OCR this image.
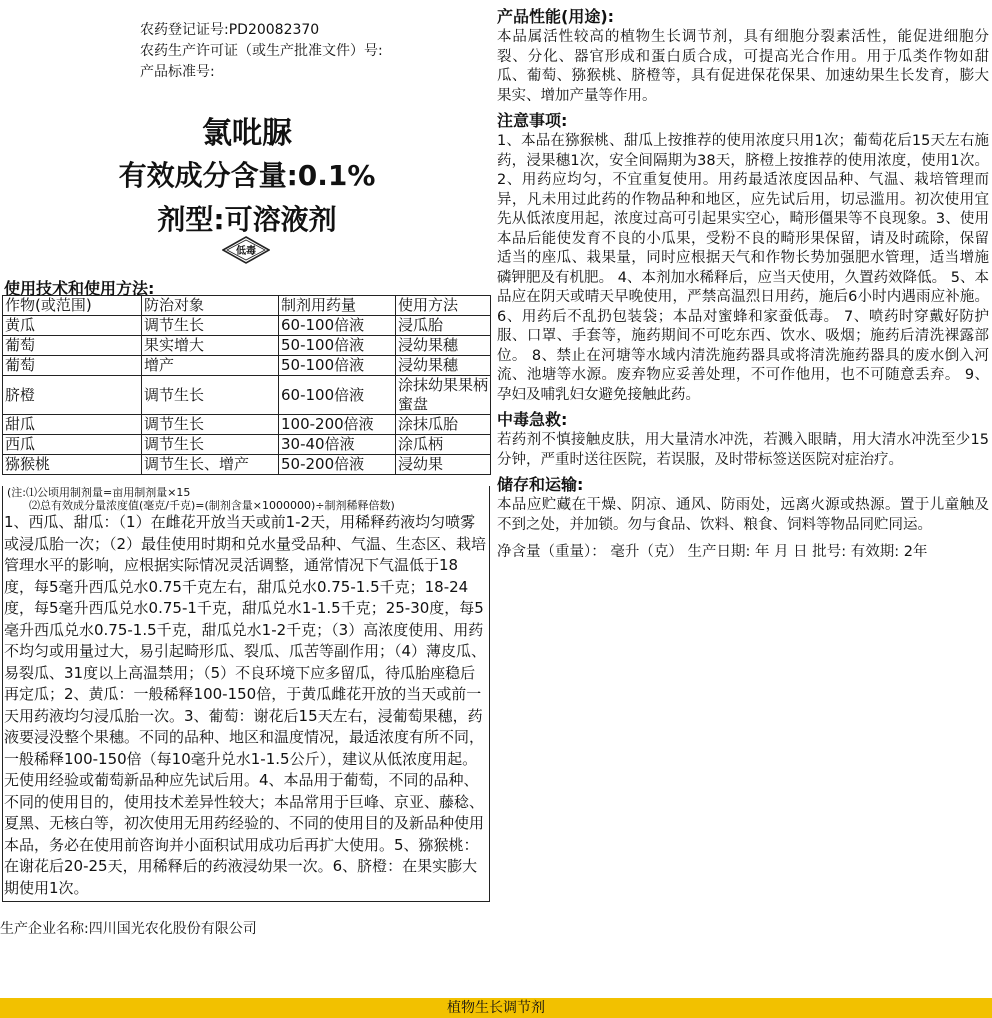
农药登记证号:PD20082370
农药生产许可证（或生产批准文件）号:
产品标准号:
氯吡脲
有效成分含量:0.1%
剂型:可溶液剂
低毒
使用技术和使用方法:
作物(或范围)	防治对象	制剂用药量	使用方法
黄瓜	调节生长	60-100倍液	浸瓜胎
葡萄	果实增大	50-100倍液	浸幼果穗
葡萄	增产	50-100倍液	浸幼果穗
脐橙	调节生长	60-100倍液	涂抹幼果果柄蜜盘
甜瓜	调节生长	100-200倍液	涂抹瓜胎
西瓜	调节生长	30-40倍液	涂瓜柄
猕猴桃	调节生长、增产	50-200倍液	浸幼果
(注:⑴公顷用制剂量=亩用制剂量×15
⑵总有效成分量浓度值(毫克/千克)=(制剂含量×1000000)÷制剂稀释倍数)
1、西瓜、甜瓜：（1）在雌花开放当天或前1-2天，用稀释药液均匀喷雾或浸瓜胎一次；（2）最佳使用时期和兑水量受品种、气温、生态区、栽培管理水平的影响，应根据实际情况灵活调整，通常情况下气温低于18度，每5毫升西瓜兑水0.75千克左右，甜瓜兑水0.75-1.5千克；18-24度，每5毫升西瓜兑水0.75-1千克，甜瓜兑水1-1.5千克；25-30度，每5毫升西瓜兑水0.75-1.5千克，甜瓜兑水1-2千克；（3）高浓度使用、用药不均匀或用量过大，易引起畸形瓜、裂瓜、瓜苦等副作用；（4）薄皮瓜、易裂瓜、31度以上高温禁用；（5）不良环境下应多留瓜，待瓜胎座稳后再定瓜；2、黄瓜：一般稀释100-150倍，于黄瓜雌花开放的当天或前一天用药液均匀浸瓜胎一次。3、葡萄：谢花后15天左右，浸葡萄果穗，药液要浸没整个果穗。不同的品种、地区和温度情况，最适浓度有所不同，一般稀释100-150倍（每10毫升兑水1-1.5公斤），建议从低浓度用起。无使用经验或葡萄新品种应先试后用。4、本品用于葡萄，不同的品种、不同的使用目的，使用技术差异性较大；本品常用于巨峰、京亚、藤稔、夏黑、无核白等，初次使用无用药经验的、不同的使用目的及新品种使用本品，务必在使用前咨询并小面积试用成功后再扩大使用。5、猕猴桃：在谢花后20-25天，用稀释后的药液浸幼果一次。6、脐橙：在果实膨大期使用1次。
生产企业名称:四川国光农化股份有限公司
产品性能(用途):

本品属活性较高的植物生长调节剂，具有细胞分裂素活性，能促进细胞分裂、分化、器官形成和蛋白质合成，可提高光合作用。用于瓜类作物如甜瓜、葡萄、猕猴桃、脐橙等，具有促进保花保果、加速幼果生长发育，膨大果实、增加产量等作用。

注意事项:

1、本品在猕猴桃、甜瓜上按推荐的使用浓度只用1次；葡萄花后15天左右施药，浸果穗1次，安全间隔期为38天，脐橙上按推荐的使用浓度，使用1次。 2、用药应均匀，不宜重复使用。用药最适浓度因品种、气温、栽培管理而异，凡未用过此药的作物品种和地区，应先试后用，切忌滥用。初次使用宜先从低浓度用起，浓度过高可引起果实空心，畸形僵果等不良现象。3、使用本品后能使发育不良的小瓜果，受粉不良的畸形果保留，请及时疏除，保留适当的座瓜、栽果量，同时应根据天气和作物长势加强肥水管理，适当增施磷钾肥及有机肥。 4、本剂加水稀释后，应当天使用，久置药效降低。 5、本品应在阴天或晴天早晚使用，严禁高温烈日用药，施后6小时内遇雨应补施。 6、用药后不乱扔包装袋；本品对蜜蜂和家蚕低毒。 7、喷药时穿戴好防护服、口罩、手套等，施药期间不可吃东西、饮水、吸烟；施药后清洗裸露部位。 8、禁止在河塘等水域内清洗施药器具或将清洗施药器具的废水倒入河流、池塘等水源。废弃物应妥善处理，不可作他用，也不可随意丢弃。 9、孕妇及哺乳妇女避免接触此药。

中毒急救:

若药剂不慎接触皮肤，用大量清水冲洗，若溅入眼睛，用大清水冲洗至少15分钟，严重时送往医院，若误服，及时带标签送医院对症治疗。

储存和运输:

本品应贮藏在干燥、阴凉、通风、防雨处，远离火源或热源。置于儿童触及不到之处，并加锁。勿与食品、饮料、粮食、饲料等物品同贮同运。

净含量（重量）： 毫升（克） 生产日期: 年 月 日 批号: 有效期: 2年

植物生长调节剂
